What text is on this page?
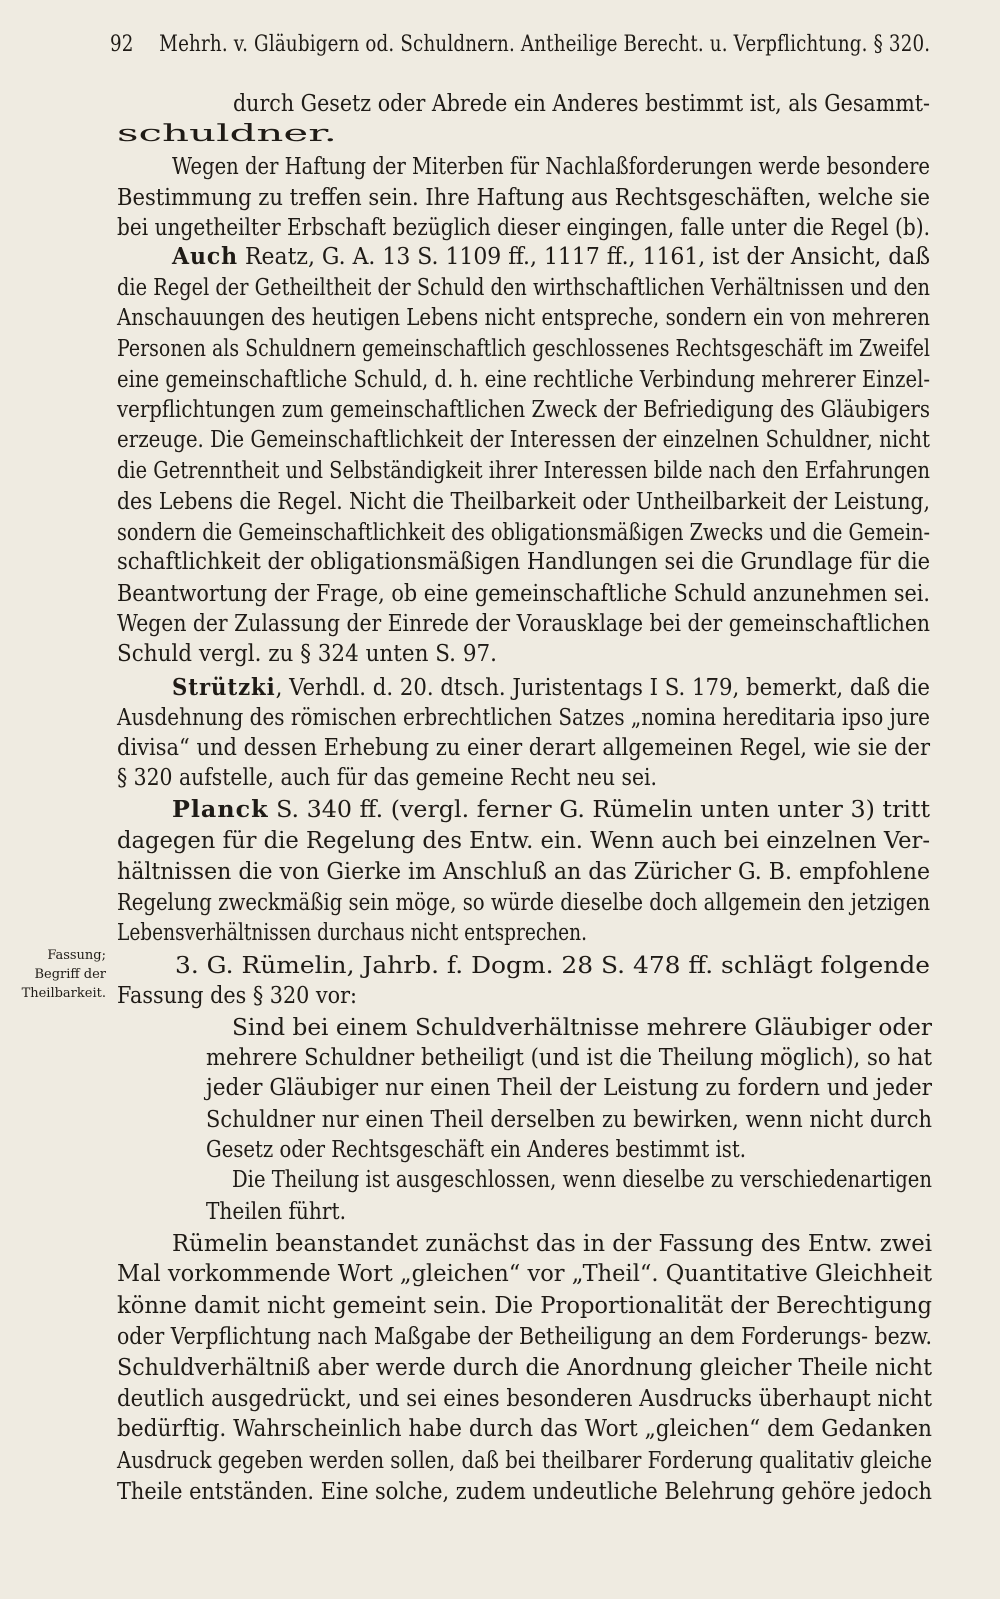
92 Mehrh. v. Gläubigern od. Schuldnern. Antheilige Berecht. u. Verpflichtung. § 320.
Fassung;
Begriff der
Theilbarkeit.
durch Gesetz oder Abrede ein Anderes bestimmt ist, als Gesammt-
schuldner.
Wegen der Haftung der Miterben für Nachlaßforderungen werde besondere
Bestimmung zu treffen sein. Ihre Haftung aus Rechtsgeschäften, welche sie
bei ungetheilter Erbschaft bezüglich dieser eingingen, falle unter die Regel (b).
Auch Reatz, G. A. 13 S. 1109 ff., 1117 ff., 1161, ist der Ansicht, daß
die Regel der Getheiltheit der Schuld den wirthschaftlichen Verhältnissen und den
Anschauungen des heutigen Lebens nicht entspreche, sondern ein von mehreren
Personen als Schuldnern gemeinschaftlich geschlossenes Rechtsgeschäft im Zweifel
eine gemeinschaftliche Schuld, d. h. eine rechtliche Verbindung mehrerer Einzel-
verpflichtungen zum gemeinschaftlichen Zweck der Befriedigung des Gläubigers
erzeuge. Die Gemeinschaftlichkeit der Interessen der einzelnen Schuldner, nicht
die Getrenntheit und Selbständigkeit ihrer Interessen bilde nach den Erfahrungen
des Lebens die Regel. Nicht die Theilbarkeit oder Untheilbarkeit der Leistung,
sondern die Gemeinschaftlichkeit des obligationsmäßigen Zwecks und die Gemein-
schaftlichkeit der obligationsmäßigen Handlungen sei die Grundlage für die
Beantwortung der Frage, ob eine gemeinschaftliche Schuld anzunehmen sei.
Wegen der Zulassung der Einrede der Vorausklage bei der gemeinschaftlichen
Schuld vergl. zu § 324 unten S. 97.
Strützki, Verhdl. d. 20. dtsch. Juristentags I S. 179, bemerkt, daß die
Ausdehnung des römischen erbrechtlichen Satzes „nomina hereditaria ipso jure
divisa“ und dessen Erhebung zu einer derart allgemeinen Regel, wie sie der
§ 320 aufstelle, auch für das gemeine Recht neu sei.
Planck S. 340 ff. (vergl. ferner G. Rümelin unten unter 3) tritt
dagegen für die Regelung des Entw. ein. Wenn auch bei einzelnen Ver-
hältnissen die von Gierke im Anschluß an das Züricher G. B. empfohlene
Regelung zweckmäßig sein möge, so würde dieselbe doch allgemein den jetzigen
Lebensverhältnissen durchaus nicht entsprechen.
3. G. Rümelin, Jahrb. f. Dogm. 28 S. 478 ff. schlägt folgende
Fassung des § 320 vor:
Sind bei einem Schuldverhältnisse mehrere Gläubiger oder
mehrere Schuldner betheiligt (und ist die Theilung möglich), so hat
jeder Gläubiger nur einen Theil der Leistung zu fordern und jeder
Schuldner nur einen Theil derselben zu bewirken, wenn nicht durch
Gesetz oder Rechtsgeschäft ein Anderes bestimmt ist.
Die Theilung ist ausgeschlossen, wenn dieselbe zu verschiedenartigen
Theilen führt.
Rümelin beanstandet zunächst das in der Fassung des Entw. zwei
Mal vorkommende Wort „gleichen“ vor „Theil“. Quantitative Gleichheit
könne damit nicht gemeint sein. Die Proportionalität der Berechtigung
oder Verpflichtung nach Maßgabe der Betheiligung an dem Forderungs- bezw.
Schuldverhältniß aber werde durch die Anordnung gleicher Theile nicht
deutlich ausgedrückt, und sei eines besonderen Ausdrucks überhaupt nicht
bedürftig. Wahrscheinlich habe durch das Wort „gleichen“ dem Gedanken
Ausdruck gegeben werden sollen, daß bei theilbarer Forderung qualitativ gleiche
Theile entständen. Eine solche, zudem undeutliche Belehrung gehöre jedoch
